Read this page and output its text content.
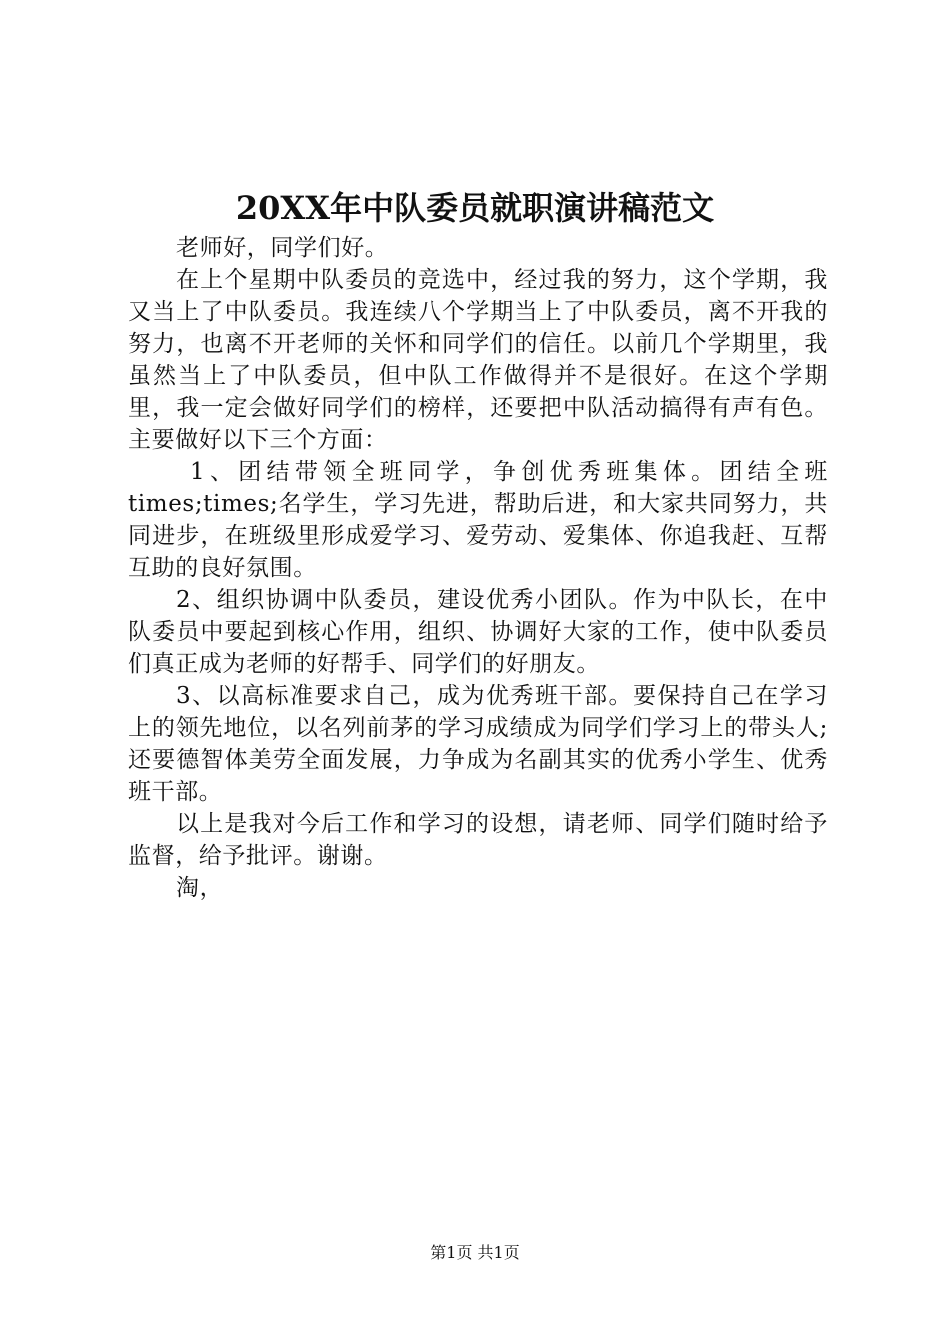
20XX年中队委员就职演讲稿范文

老师好，同学们好。

在上个星期中队委员的竞选中，经过我的努力，这个学期，我又当上了中队委员。我连续八个学期当上了中队委员，离不开我的努力，也离不开老师的关怀和同学们的信任。以前几个学期里，我虽然当上了中队委员，但中队工作做得并不是很好。在这个学期里，我一定会做好同学们的榜样，还要把中队活动搞得有声有色。主要做好以下三个方面：

1、团结带领全班同学，争创优秀班集体。团结全班times;times;名学生，学习先进，帮助后进，和大家共同努力，共同进步，在班级里形成爱学习、爱劳动、爱集体、你追我赶、互帮互助的良好氛围。

2、组织协调中队委员，建设优秀小团队。作为中队长，在中队委员中要起到核心作用，组织、协调好大家的工作，使中队委员们真正成为老师的好帮手、同学们的好朋友。

3、以高标准要求自己，成为优秀班干部。要保持自己在学习上的领先地位，以名列前茅的学习成绩成为同学们学习上的带头人;还要德智体美劳全面发展，力争成为名副其实的优秀小学生、优秀班干部。

以上是我对今后工作和学习的设想，请老师、同学们随时给予监督，给予批评。谢谢。

淘，

第1页 共1页
